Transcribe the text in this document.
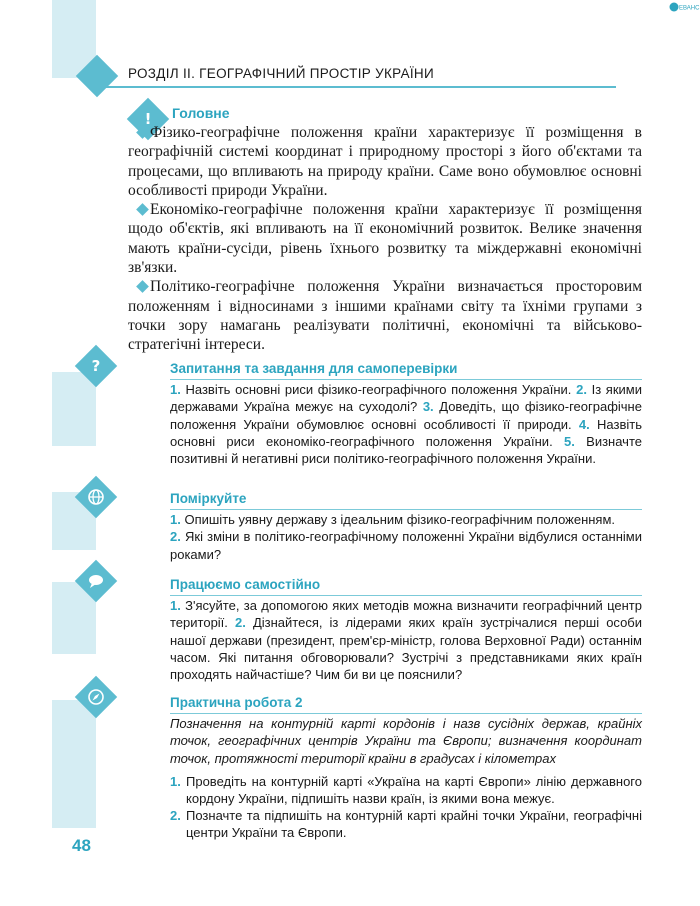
ЕВАНС
РОЗДІЛ ІІ. ГЕОГРАФІЧНИЙ ПРОСТІР УКРАЇНИ
!	Головне

Фізико-географічне положення країни характеризує її розміщення в географічній системі координат і природному просторі з його об'єктами та процесами, що впливають на природу країни. Саме воно обумовлює основні особливості природи України.

Економіко-географічне положення країни характеризує її розміщення щодо об'єктів, які впливають на її економічний розвиток. Велике значення мають країни-сусіди, рівень їхнього розвитку та міждержавні економічні зв'язки.

Політико-географічне положення України визначається просторовим положенням і відносинами з іншими країнами світу та їхніми групами з точки зору намагань реалізувати політичні, економічні та військово-стратегічні інтереси.

?	Запитання та завдання для самоперевірки
1. Назвіть основні риси фізико-географічного положення України. 2. Із якими державами Україна межує на суходолі? 3. Доведіть, що фізико-географічне положення України обумовлює основні особливості її природи. 4. Назвіть основні риси економіко-географічного положення України. 5. Визначте позитивні й негативні риси політико-географічного положення України.
Поміркуйте
1. Опишіть уявну державу з ідеальним фізико-географічним положенням.
2. Які зміни в політико-географічному положенні України відбулися останніми роками?
Працюємо самостійно
1. З'ясуйте, за допомогою яких методів можна визначити географічний центр території. 2. Дізнайтеся, із лідерами яких країн зустрічалися перші особи нашої держави (президент, прем'єр-міністр, голова Верховної Ради) останнім часом. Які питання обговорювали? Зустрічі з представниками яких країн проходять найчастіше? Чим би ви це пояснили?
Практична робота 2
Позначення на контурній карті кордонів і назв сусідніх держав, крайніх точок, географічних центрів України та Європи; визначення координат точок, протяжності території країни в градусах і кілометрах
1. Проведіть на контурній карті «Україна на карті Європи» лінію державного кордону України, підпишіть назви країн, із якими вона межує.
2. Позначте та підпишіть на контурній карті крайні точки України, географічні центри України та Європи.
48
